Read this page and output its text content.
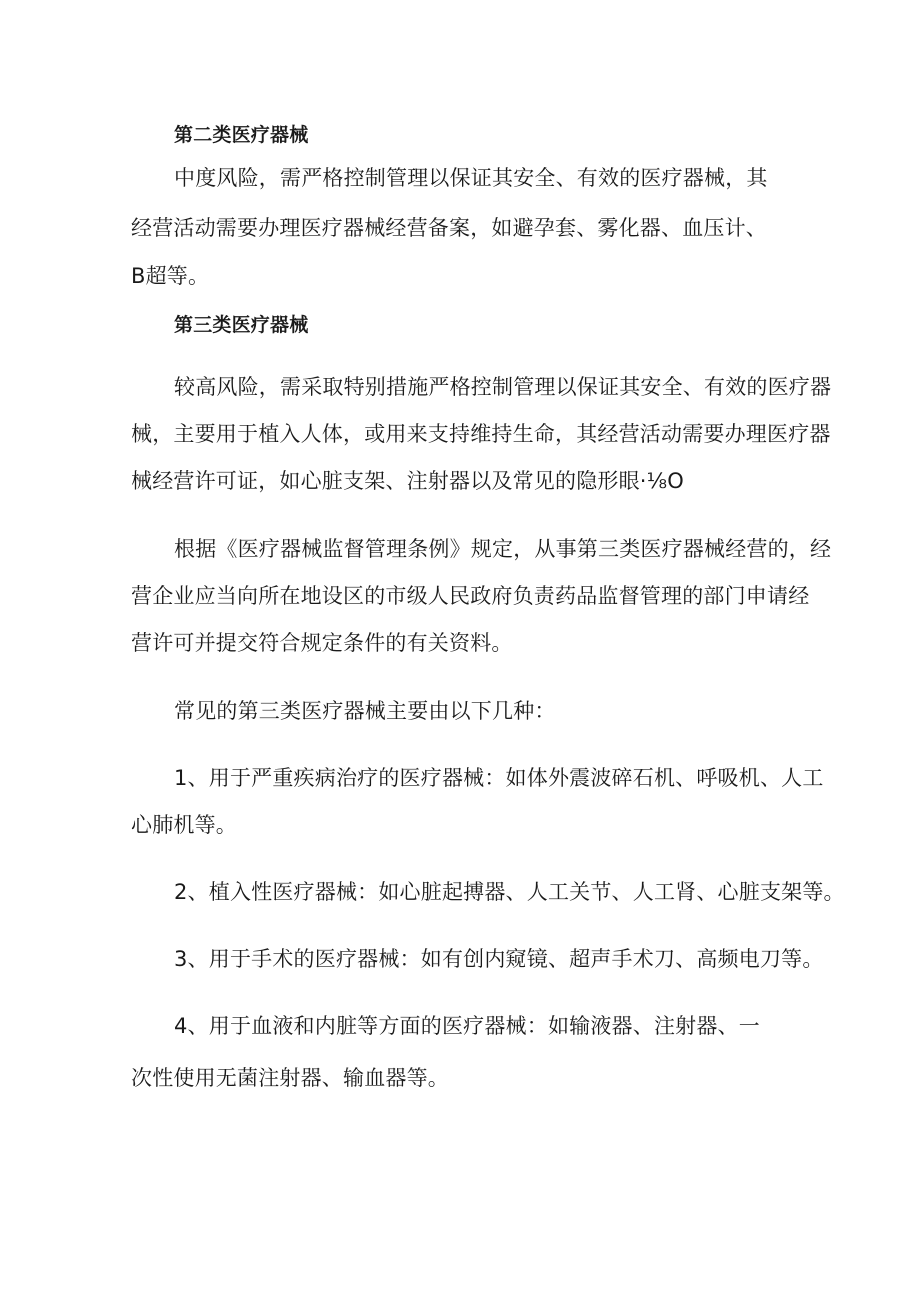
第二类医疗器械
中度风险，需严格控制管理以保证其安全、有效的医疗器械，其
经营活动需要办理医疗器械经营备案，如避孕套、雾化器、血压计、
B超等。
第三类医疗器械
较高风险，需采取特别措施严格控制管理以保证其安全、有效的医疗器
械，主要用于植入人体，或用来支持维持生命，其经营活动需要办理医疗器
械经营许可证，如心脏支架、注射器以及常见的隐形眼·⅛O
根据《医疗器械监督管理条例》规定，从事第三类医疗器械经营的，经
营企业应当向所在地设区的市级人民政府负责药品监督管理的部门申请经
营许可并提交符合规定条件的有关资料。
常见的第三类医疗器械主要由以下几种：
1、用于严重疾病治疗的医疗器械：如体外震波碎石机、呼吸机、人工
心肺机等。
2、植入性医疗器械：如心脏起搏器、人工关节、人工肾、心脏支架等。
3、用于手术的医疗器械：如有创内窥镜、超声手术刀、高频电刀等。
4、用于血液和内脏等方面的医疗器械：如输液器、注射器、一
次性使用无菌注射器、输血器等。
